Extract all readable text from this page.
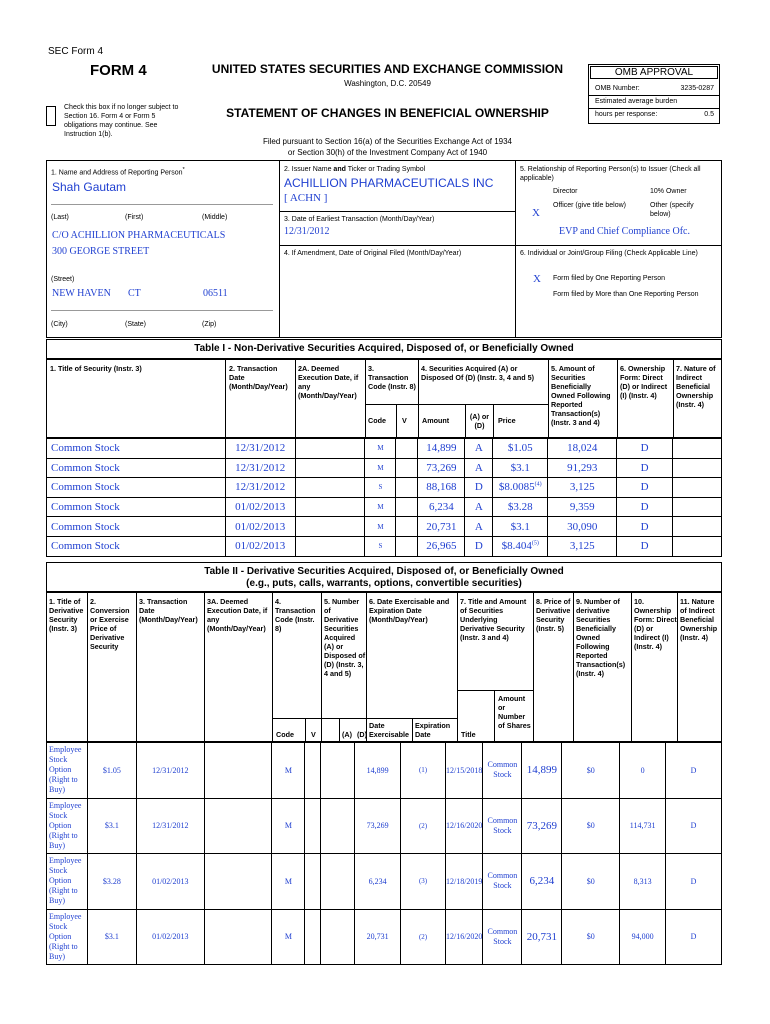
SEC Form 4
FORM 4	UNITED STATES SECURITIES AND EXCHANGE COMMISSION
Washington, D.C. 20549
STATEMENT OF CHANGES IN BENEFICIAL OWNERSHIP
Filed pursuant to Section 16(a) of the Securities Exchange Act of 1934
or Section 30(h) of the Investment Company Act of 1940
Check this box if no longer subject to Section 16. Form 4 or Form 5 obligations may continue. See Instruction 1(b).
OMB APPROVAL
OMB Number:	3235-0287
Estimated average burden
hours per response:	0.5
1. Name and Address of Reporting Person*
Shah Gautam
(Last)	(First)	(Middle)
C/O ACHILLION PHARMACEUTICALS
300 GEORGE STREET
(Street)
NEW HAVEN CT	06511
(City)	(State)	(Zip)
2. Issuer Name and Ticker or Trading Symbol
ACHILLION PHARMACEUTICALS INC
[ ACHN ]
3. Date of Earliest Transaction (Month/Day/Year)
12/31/2012
4. If Amendment, Date of Original Filed (Month/Day/Year)
5. Relationship of Reporting Person(s) to Issuer (Check all applicable)
Director	10% Owner
X
Officer (give title below)	Other (specify below)
EVP and Chief Compliance Ofc.
6. Individual or Joint/Group Filing (Check Applicable Line)
X Form filed by One Reporting Person
Form filed by More than One Reporting Person
Table I - Non-Derivative Securities Acquired, Disposed of, or Beneficially Owned
1. Title of Security (Instr. 3)	2. Transaction Date (Month/Day/Year)
2A. Deemed Execution Date, if any (Month/Day/Year)
3. Transaction Code (Instr. 8)
4. Securities Acquired (A) or Disposed Of (D) (Instr. 3, 4 and 5)
5. Amount of Securities Beneficially Owned Following Reported Transaction(s) (Instr. 3 and 4)
6. Ownership Form: Direct (D) or Indirect (I) (Instr. 4)
7. Nature of Indirect Beneficial Ownership (Instr. 4)
Code V Amount	(A) or (D)
Price
Common Stock	12/31/2012		M		14,899	A	$1.05	18,024	D	
Common Stock	12/31/2012		M		73,269	A	$3.1	91,293	D	
Common Stock	12/31/2012		S		88,168	D	$8.0085$^{(4)}$	3,125	D	
Common Stock	01/02/2013		M		6,234	A	$3.28	9,359	D	
Common Stock	01/02/2013		M		20,731	A	$3.1	30,090	D	
Common Stock	01/02/2013		S		26,965	D	$8.404$^{(5)}$	3,125	D	
Table II - Derivative Securities Acquired, Disposed of, or Beneficially Owned
(e.g., puts, calls, warrants, options, convertible securities)
1. Title of Derivative Security (Instr. 3)
2. Conversion or Exercise Price of Derivative Security
3. Transaction Date (Month/Day/Year)
3A. Deemed Execution Date, if any (Month/Day/Year)
4. Transaction Code (Instr. 8)
5. Number of Derivative Securities Acquired (A) or Disposed of (D) (Instr. 3, 4 and 5)
6. Date Exercisable and Expiration Date (Month/Day/Year)
7. Title and Amount of Securities Underlying Derivative Security (Instr. 3 and 4)
8. Price of Derivative Security (Instr. 5)
9. Number of derivative Securities Beneficially Owned Following Reported Transaction(s) (Instr. 4)
10. Ownership Form: Direct (D) or Indirect (I) (Instr. 4)
11. Nature of Indirect Beneficial Ownership (Instr. 4)
Code V	(A) (D)
Date Exercisable
Expiration Date	Title
Amount or Number of Shares
Employee Stock Option (Right to Buy)	$1.05	12/31/2012		M			14,899	(1)	12/15/2018	Common Stock	14,899	$0	0	D
Employee Stock Option (Right to Buy)	$3.1	12/31/2012		M			73,269	(2)	12/16/2020	Common Stock	73,269	$0	114,731	D
Employee Stock Option (Right to Buy)	$3.28	01/02/2013		M			6,234	(3)	12/18/2019	Common Stock	6,234	$0	8,313	D
Employee Stock Option (Right to Buy)	$3.1	01/02/2013		M			20,731	(2)	12/16/2020	Common Stock	20,731	$0	94,000	D
